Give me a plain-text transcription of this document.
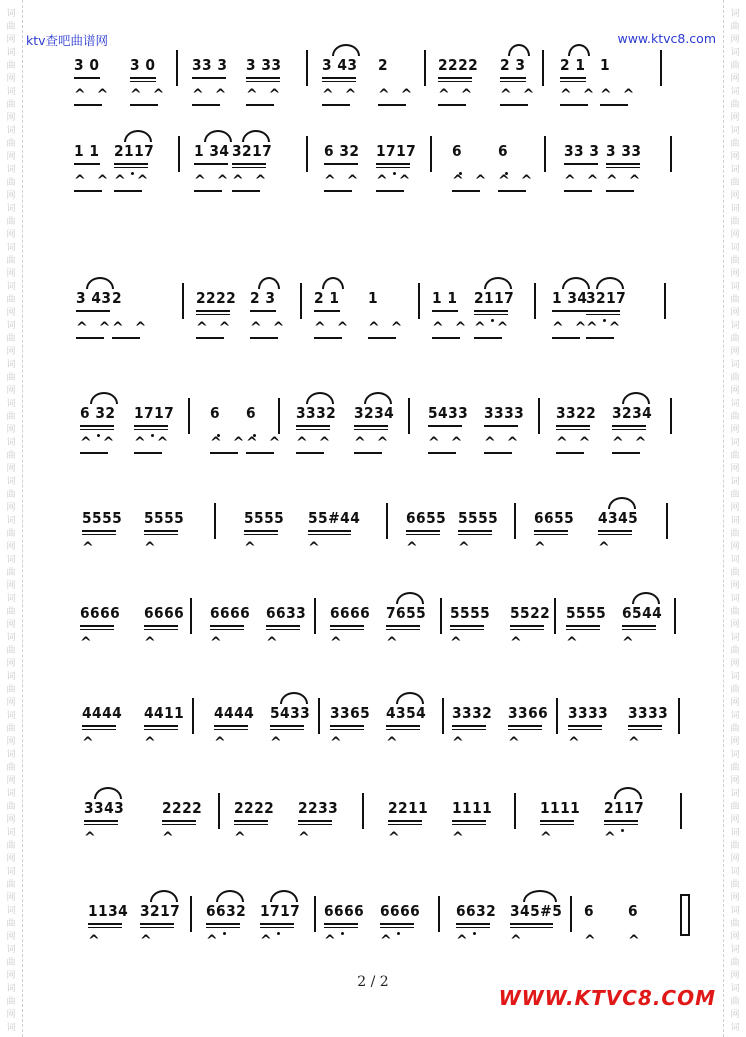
词	词
曲	曲
网	网
词	词
曲	曲
网	网
词	词
曲	曲
网	网
词	词
曲	曲
网	网
词	词
曲	曲
网	网
词	词
曲	曲
网	网
词	词
曲	曲
网	网
词	词
曲	曲
网	网
词	词
曲	曲
网	网
词	词
曲	曲
网	网
词	词
曲	曲
网	网
词	词
曲	曲
网	网
词	词
曲	曲
网	网
词	词
曲	曲
网	网
词	词
曲	曲
网	网
词	词
曲	曲
网	网
词	词
曲	曲
网	网
词	词
曲	曲
网	网
词	词
曲	曲
网	网
词	词
曲	曲
网	网
词	词
曲	曲
网	网
词	词
曲	曲
网	网
词	词
曲	曲
网	网
词	词
曲	曲
网	网
词	词
曲	曲
网	网
词	词
曲	曲
网	网
词	词
ktv查吧曲谱网	www.ktvc8.com
3 0
^ ^
3 0
^ ^
33 3
^ ^
3 33
^ ^
3 43
^ ^
2
^ ^
2222
^ ^
2 3
^ ^
2 1
^ ^
1
^ ^
1 1
^ ^
2117
^ ^
1 34
^ ^
3217
^ ^
6 32
^ ^
1717
^ ^
6
^ ^
6
^ ^
33 3
^ ^
3 33
^ ^
3 43
^ ^
2
^ ^
2222
^ ^
2 3
^ ^
2 1
^ ^
1
^ ^
1 1
^ ^
2117
^ ^
1 34
^ ^
3217
^ ^
6 32
^ ^
1717
^ ^
6
^ ^
6
^ ^
3332
^ ^
3234
^ ^
5433
^ ^
3333
^ ^
3322
^ ^
3234
^ ^
5555
^
5555
^
5555
^
55#44
^
6655
^
5555
^
6655
^
4345
^
6666
^
6666
^
6666
^
6633
^
6666
^
7655
^
5555
^
5522
^
5555
^
6544
^
4444
^
4411
^
4444
^
5433
^
3365
^
4354
^
3332
^
3366
^
3333
^
3333
^
3343
^
2222
^
2222
^
2233
^
2211
^
1111
^
1111
^
2117
^
1134
^
3217
^
6632
^
1717
^
6666
^
6666
^
6632
^
345#5
^
6
^
6
^
2 / 2
WWW.KTVC8.COM
